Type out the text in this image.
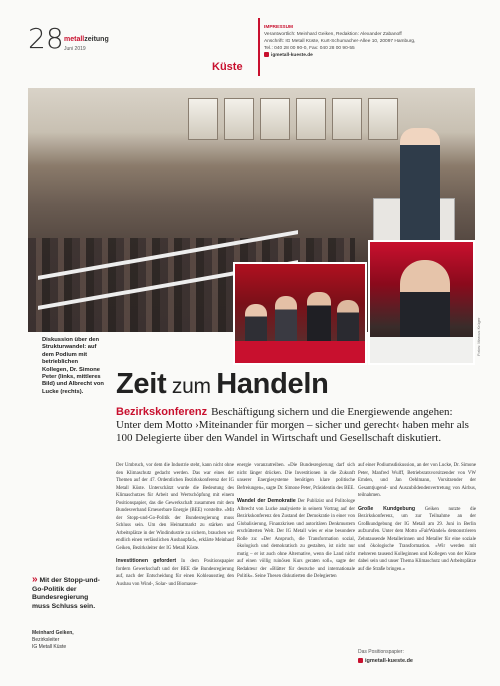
28 metallzeitung
Juni 2019
Küste
IMPRESSUM
Verantwortlich: Meinhard Geiken, Redaktion: Alexander Zabanoff
Anschrift: IG Metall Küste, Kurt-Schumacher-Allee 10, 20097 Hamburg,
Tel.: 040 28 00 90-0, Fax: 040 28 00 90-55
igmetall-kueste.de
Fotos: Marcus Krüger
Diskussion über den Strukturwandel: auf dem Podium mit betrieblichen Kollegen, Dr. Simone Peter (links, mittleres Bild) und Albrecht von Lucke (rechts).	Zeit zum Handeln
Bezirkskonferenz Beschäftigung sichern und die Energiewende angehen: Unter dem Motto ›Miteinander für morgen – sicher und gerecht‹ haben mehr als 100 Delegierte über den Wandel in Wirtschaft und Gesellschaft diskutiert.
» Mit der Stopp-und-Go-Politik der Bundesregierung muss Schluss sein.
Meinhard Geiken,
Bezirksleiter
IG Metall Küste
Der Umbruch, vor dem die Industrie steht, kann nicht ohne den Klimaschutz gedacht werden. Das war eines der Themen auf der 47. Ordentlichen Bezirkskonferenz der IG Metall Küste. Unterschätzt wurde die Bedeutung des Klimaschutzes für Arbeit und Wertschöpfung mit einem Positionspapier, das die Gewerkschaft zusammen mit dem Bundesverband Erneuerbare Energie (BEE) vorstellte. »Mit der Stopp-und-Go-Politik der Bundesregierung muss Schluss sein. Um den Heimatmarkt zu stärken und Arbeitsplätze in der Windindustrie zu sichern, brauchen wir endlich einen verlässlichen Ausbaupfad«, erklärte Meinhard Geiken, Bezirksleiter der IG Metall Küste.
Investitionen gefordert In dem Positionspapier fordern Gewerkschaft und der BEE die Bundesregierung auf, nach der Entscheidung für einen Kohleausstieg den Ausbau von Wind-, Solar- und Biomasse-
energie voranzutreiben. »Die Bundesregierung darf sich nicht länger drücken. Die Investitionen in die Zukunft unserer Energiesysteme benötigen klare politische Befreiungen«, sagte Dr. Simone Peter, Präsidentin des BEE.
Wandel der Demokratie Der Publizist und Politologe Albrecht von Lucke analysierte in seinem Vortrag auf der Bezirkskonferenz den Zustand der Demokratie in einer von Globalisierung, Finanzkrisen und autoritären Denkmustern erschütterten Welt. Der IG Metall wies er eine besondere Rolle zu: »Der Anspruch, die Transformation sozial, ökologisch und demokratisch zu gestalten, ist nicht nur mutig – er ist auch ohne Alternative, wenn die Land nicht auf einen völlig ruinösen Kurs geraten soll«, sagte der Redakteur der »Blätter für deutsche und internationale Politik«. Seine Thesen diskutierten die Delegierten
auf einer Podiumsdiskussion, an der von Lucke, Dr. Simone Peter, Manfred Wulff, Betriebsratsvorsitzender von VW Emden, und Jan Oehlmann, Vorsitzender der Gesamtjugend- und Auszubildendenvertretung von Airbus, teilnahmen.
Große Kundgebung Geiken nutzte die Bezirkskonferenz, um zur Teilnahme an der Großkundgebung der IG Metall am 29. Juni in Berlin aufzurufen. Unter dem Motto »FairWandel« demonstrieren Zehntausende Metallerinnen und Metaller für eine soziale und ökologische Transformation. »Wir werden mit mehreren tausend Kolleginnen und Kollegen von der Küste dabei sein und unser Thema Klimaschutz und Arbeitsplätze auf die Straße bringen.«
Das Positionspapier:
igmetall-kueste.de
